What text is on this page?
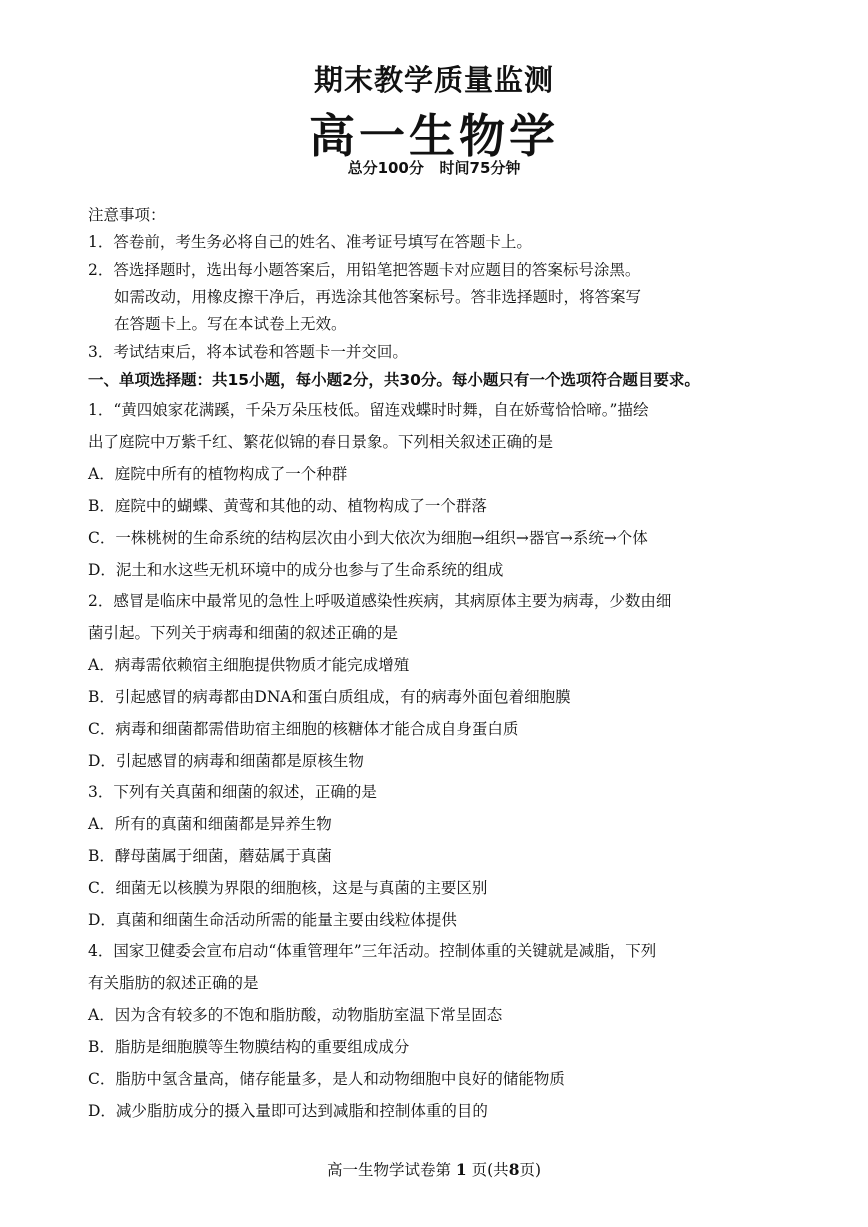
期末教学质量监测
高一生物学
总分100分 时间75分钟
注意事项：
1．答卷前，考生务必将自己的姓名、准考证号填写在答题卡上。
2．答选择题时，选出每小题答案后，用铅笔把答题卡对应题目的答案标号涂黑。
如需改动，用橡皮擦干净后，再选涂其他答案标号。答非选择题时，将答案写
在答题卡上。写在本试卷上无效。
3．考试结束后，将本试卷和答题卡一并交回。
一、单项选择题：共15小题，每小题2分，共30分。每小题只有一个选项符合题目要求。
1．“黄四娘家花满蹊，千朵万朵压枝低。留连戏蝶时时舞，自在娇莺恰恰啼。”描绘
出了庭院中万紫千红、繁花似锦的春日景象。下列相关叙述正确的是
A．庭院中所有的植物构成了一个种群
B．庭院中的蝴蝶、黄莺和其他的动、植物构成了一个群落
C．一株桃树的生命系统的结构层次由小到大依次为细胞→组织→器官→系统→个体
D．泥土和水这些无机环境中的成分也参与了生命系统的组成
2．感冒是临床中最常见的急性上呼吸道感染性疾病，其病原体主要为病毒，少数由细
菌引起。下列关于病毒和细菌的叙述正确的是
A．病毒需依赖宿主细胞提供物质才能完成增殖
B．引起感冒的病毒都由DNA和蛋白质组成，有的病毒外面包着细胞膜
C．病毒和细菌都需借助宿主细胞的核糖体才能合成自身蛋白质
D．引起感冒的病毒和细菌都是原核生物
3．下列有关真菌和细菌的叙述，正确的是
A．所有的真菌和细菌都是异养生物
B．酵母菌属于细菌，蘑菇属于真菌
C．细菌无以核膜为界限的细胞核，这是与真菌的主要区别
D．真菌和细菌生命活动所需的能量主要由线粒体提供
4．国家卫健委会宣布启动“体重管理年”三年活动。控制体重的关键就是减脂，下列
有关脂肪的叙述正确的是
A．因为含有较多的不饱和脂肪酸，动物脂肪室温下常呈固态
B．脂肪是细胞膜等生物膜结构的重要组成成分
C．脂肪中氢含量高，储存能量多，是人和动物细胞中良好的储能物质
D．减少脂肪成分的摄入量即可达到减脂和控制体重的目的
高一生物学试卷第 1 页(共8页)
